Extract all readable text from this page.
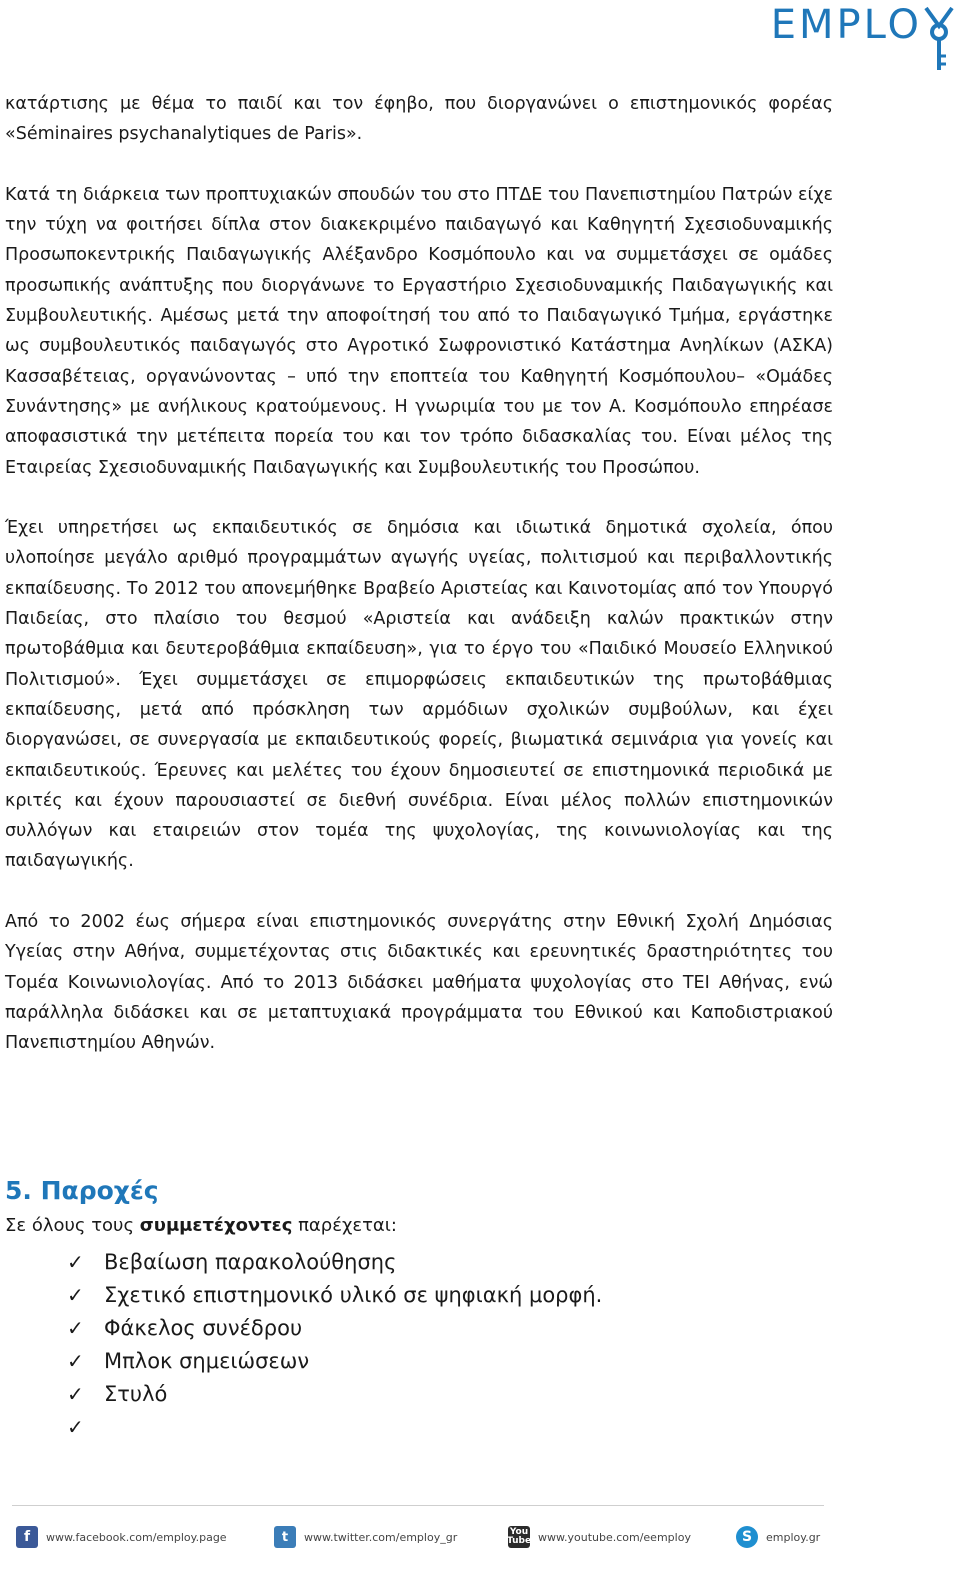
EMPLO

κατάρτισης με θέμα το παιδί και τον έφηβο, που διοργανώνει ο επιστημονικός φορέας «Séminaires psychanalytiques de Paris».

Κατά τη διάρκεια των προπτυχιακών σπουδών του στο ΠΤΔΕ του Πανεπιστημίου Πατρών είχε την τύχη να φοιτήσει δίπλα στον διακεκριμένο παιδαγωγό και Καθηγητή Σχεσιοδυναμικής Προσωποκεντρικής Παιδαγωγικής Αλέξανδρο Κοσμόπουλο και να συμμετάσχει σε ομάδες προσωπικής ανάπτυξης που διοργάνωνε το Εργαστήριο Σχεσιοδυναμικής Παιδαγωγικής και Συμβουλευτικής. Αμέσως μετά την αποφοίτησή του από το Παιδαγωγικό Τμήμα, εργάστηκε ως συμβουλευτικός παιδαγωγός στο Αγροτικό Σωφρονιστικό Κατάστημα Ανηλίκων (ΑΣΚΑ) Κασσαβέτειας, οργανώνοντας – υπό την εποπτεία του Καθηγητή Κοσμόπουλου– «Ομάδες Συνάντησης» με ανήλικους κρατούμενους. Η γνωριμία του με τον Α. Κοσμόπουλο επηρέασε αποφασιστικά την μετέπειτα πορεία του και τον τρόπο διδασκαλίας του. Είναι μέλος της Εταιρείας Σχεσιοδυναμικής Παιδαγωγικής και Συμβουλευτικής του Προσώπου.

Έχει υπηρετήσει ως εκπαιδευτικός σε δημόσια και ιδιωτικά δημοτικά σχολεία, όπου υλοποίησε μεγάλο αριθμό προγραμμάτων αγωγής υγείας, πολιτισμού και περιβαλλοντικής εκπαίδευσης. Το 2012 του απονεμήθηκε Βραβείο Αριστείας και Καινοτομίας από τον Υπουργό Παιδείας, στο πλαίσιο του θεσμού «Αριστεία και ανάδειξη καλών πρακτικών στην πρωτοβάθμια και δευτεροβάθμια εκπαίδευση», για το έργο του «Παιδικό Μουσείο Ελληνικού Πολιτισμού». Έχει συμμετάσχει σε επιμορφώσεις εκπαιδευτικών της πρωτοβάθμιας εκπαίδευσης, μετά από πρόσκληση των αρμόδιων σχολικών συμβούλων, και έχει διοργανώσει, σε συνεργασία με εκπαιδευτικούς φορείς, βιωματικά σεμινάρια για γονείς και εκπαιδευτικούς. Έρευνες και μελέτες του έχουν δημοσιευτεί σε επιστημονικά περιοδικά με κριτές και έχουν παρουσιαστεί σε διεθνή συνέδρια. Είναι μέλος πολλών επιστημονικών συλλόγων και εταιρειών στον τομέα της ψυχολογίας, της κοινωνιολογίας και της παιδαγωγικής.

Από το 2002 έως σήμερα είναι επιστημονικός συνεργάτης στην Εθνική Σχολή Δημόσιας Υγείας στην Αθήνα, συμμετέχοντας στις διδακτικές και ερευνητικές δραστηριότητες του Τομέα Κοινωνιολογίας. Από το 2013 διδάσκει μαθήματα ψυχολογίας στο ΤΕΙ Αθήνας, ενώ παράλληλα διδάσκει και σε μεταπτυχιακά προγράμματα του Εθνικού και Καποδιστριακού Πανεπιστημίου Αθηνών.

5. Παροχές
Σε όλους τους συμμετέχοντες παρέχεται:
✓ Βεβαίωση παρακολούθησης
✓ Σχετικό επιστημονικό υλικό σε ψηφιακή μορφή.
✓ Φάκελος συνέδρου
✓ Μπλοκ σημειώσεων
✓ Στυλό
✓
f	www.facebook.com/employ.page	t	www.twitter.com/employ_gr	You
Tube www.youtube.com/eemploy	S	employ.gr
